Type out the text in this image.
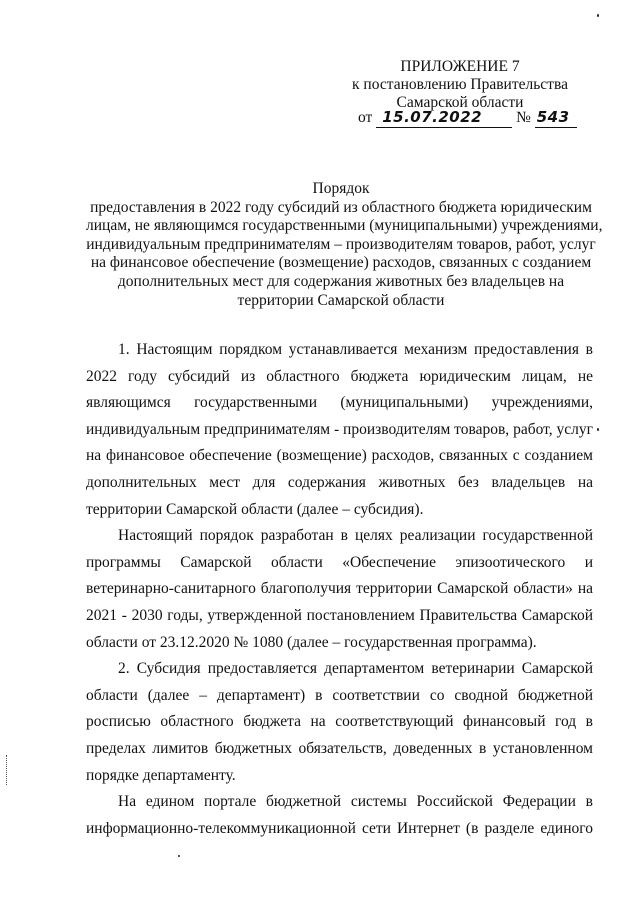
ПРИЛОЖЕНИЕ 7
к постановлению Правительства
Самарской области
от 15.07.2022 № 543
Порядок
предоставления в 2022 году субсидий из областного бюджета юридическим
лицам, не являющимся государственными (муниципальными) учреждениями,
индивидуальным предпринимателям – производителям товаров, работ, услуг
на финансовое обеспечение (возмещение) расходов, связанных с созданием
дополнительных мест для содержания животных без владельцев на
территории Самарской области
1. Настоящим порядком устанавливается механизм предоставления в
2022 году субсидий из областного бюджета юридическим лицам, не
являющимся государственными (муниципальными) учреждениями,
индивидуальным предпринимателям - производителям товаров, работ, услуг
на финансовое обеспечение (возмещение) расходов, связанных с созданием
дополнительных мест для содержания животных без владельцев на
территории Самарской области (далее – субсидия).
Настоящий порядок разработан в целях реализации государственной
программы Самарской области «Обеспечение эпизоотического и
ветеринарно-санитарного благополучия территории Самарской области» на
2021 - 2030 годы, утвержденной постановлением Правительства Самарской
области от 23.12.2020 № 1080 (далее – государственная программа).
2. Субсидия предоставляется департаментом ветеринарии Самарской
области (далее – департамент) в соответствии со сводной бюджетной
росписью областного бюджета на соответствующий финансовый год в
пределах лимитов бюджетных обязательств, доведенных в установленном
порядке департаменту.
На едином портале бюджетной системы Российской Федерации в
информационно-телекоммуникационной сети Интернет (в разделе единого
